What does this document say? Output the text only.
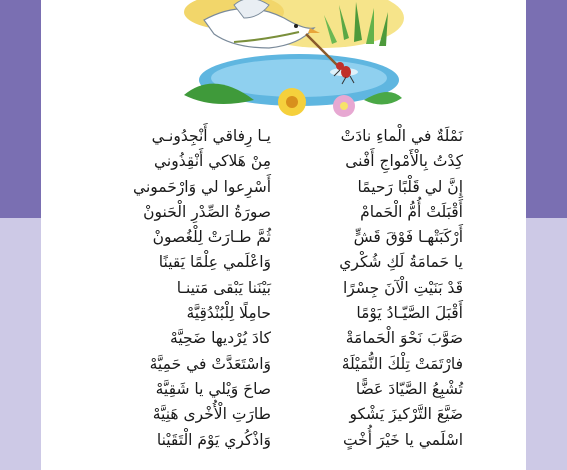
نَمْلَةٌ في الْماءِ نادَتْ
يـا رِفاقي أَنْجِدُونـي
كِدْتُ بِالْأَمْواجِ أَفْنى
مِنْ هَلاكي أَنْقِذُوني
إِنَّ لي قَلْبًا رَحيمًا
أَسْرِعوا لي وَارْحَموني
أَقْبَلَتْ أُمُّ الْحَمامْ
صورَةُ الصِّدْرِ الْحَنونْ
أَرْكَبَتْهـا فَوْقَ قَشٍّ
ثُمَّ طـارَتْ لِلْغُصونْ
يا حَمامَةُ لَكِ شُكْري
وَاعْلَمي عِلْمًا يَقينًا
قَدْ بَنَيْتِ الْآنَ جِسْرًا
بَيْنَنا يَبْقى مَتينـا
أَقْبَلَ الصَّيّـادُ يَوْمًا
حامِلًا لِلْبُنْدُقِيَّهْ
صَوَّبَ نَحْوَ الْحَمامَةْ
كادَ يُرْديها ضَحِيَّهْ
فارْتَمَتْ تِلْكَ النُّمَيْلَهْ
وَاسْتَعَدَّتْ في حَمِيَّهْ
تُشْبِعُ الصَّيّادَ عَضًّا
صاحَ وَيْلي يا شَقِيَّهْ
ضَيَّعَ التَّرْكيزَ يَشْكو
طارَتِ الْأُخْرى هَنِيَّهْ
اسْلَمي يا خَيْرَ أُخْتٍ
وَاذْكُري يَوْمَ الْتَقَيْنا
